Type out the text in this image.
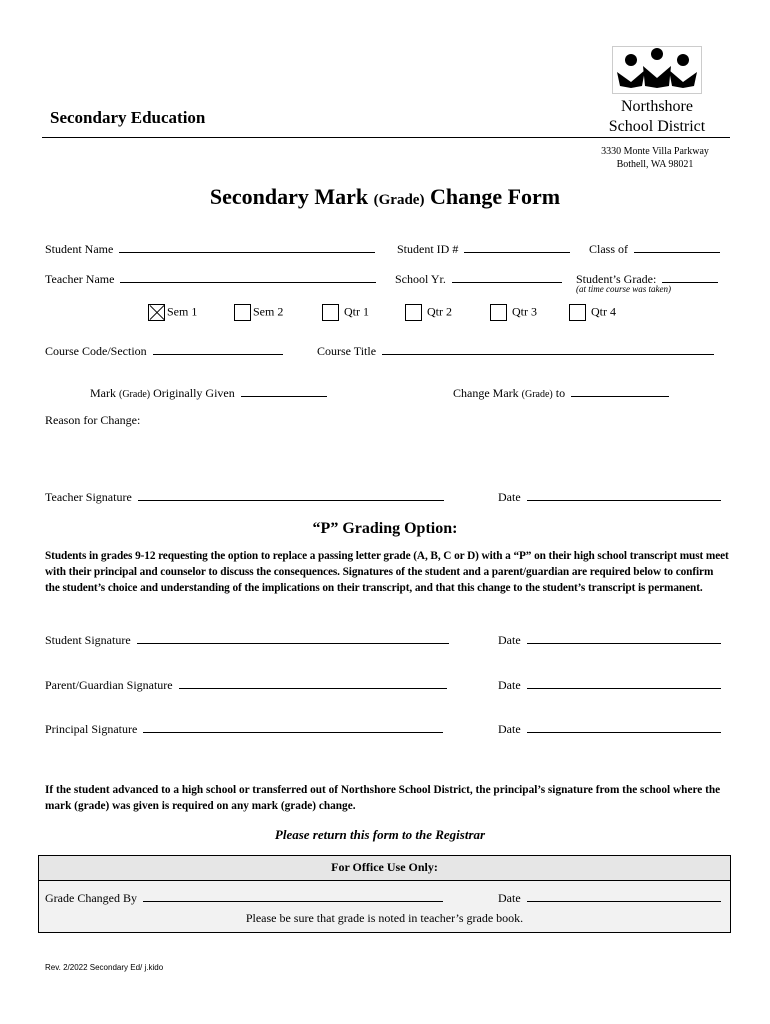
Secondary Education
Northshore
School District
3330 Monte Villa Parkway
Bothell, WA 98021
Secondary Mark (Grade) Change Form
Student Name	Student ID #	Class of
Teacher Name	School Yr.	Student’s Grade:
(at time course was taken)
Sem 1	Sem 2	Qtr 1	Qtr 2	Qtr 3	Qtr 4
Course Code/Section	Course Title
Mark (Grade) Originally Given	Change Mark (Grade) to
Reason for Change:
Teacher Signature	Date
“P” Grading Option:
Students in grades 9-12 requesting the option to replace a passing letter grade (A, B, C or D) with a “P” on their high school transcript must meet with their principal and counselor to discuss the consequences. Signatures of the student and a parent/guardian are required below to confirm the student’s choice and understanding of the implications on their transcript, and that this change to the student’s transcript is permanent.
Student Signature	Date
Parent/Guardian Signature	Date
Principal Signature	Date
If the student advanced to a high school or transferred out of Northshore School District, the principal’s signature from the school where the mark (grade) was given is required on any mark (grade) change.
Please return this form to the Registrar
For Office Use Only:
Grade Changed By	Date
Please be sure that grade is noted in teacher’s grade book.
Rev. 2/2022 Secondary Ed/ j.kido
